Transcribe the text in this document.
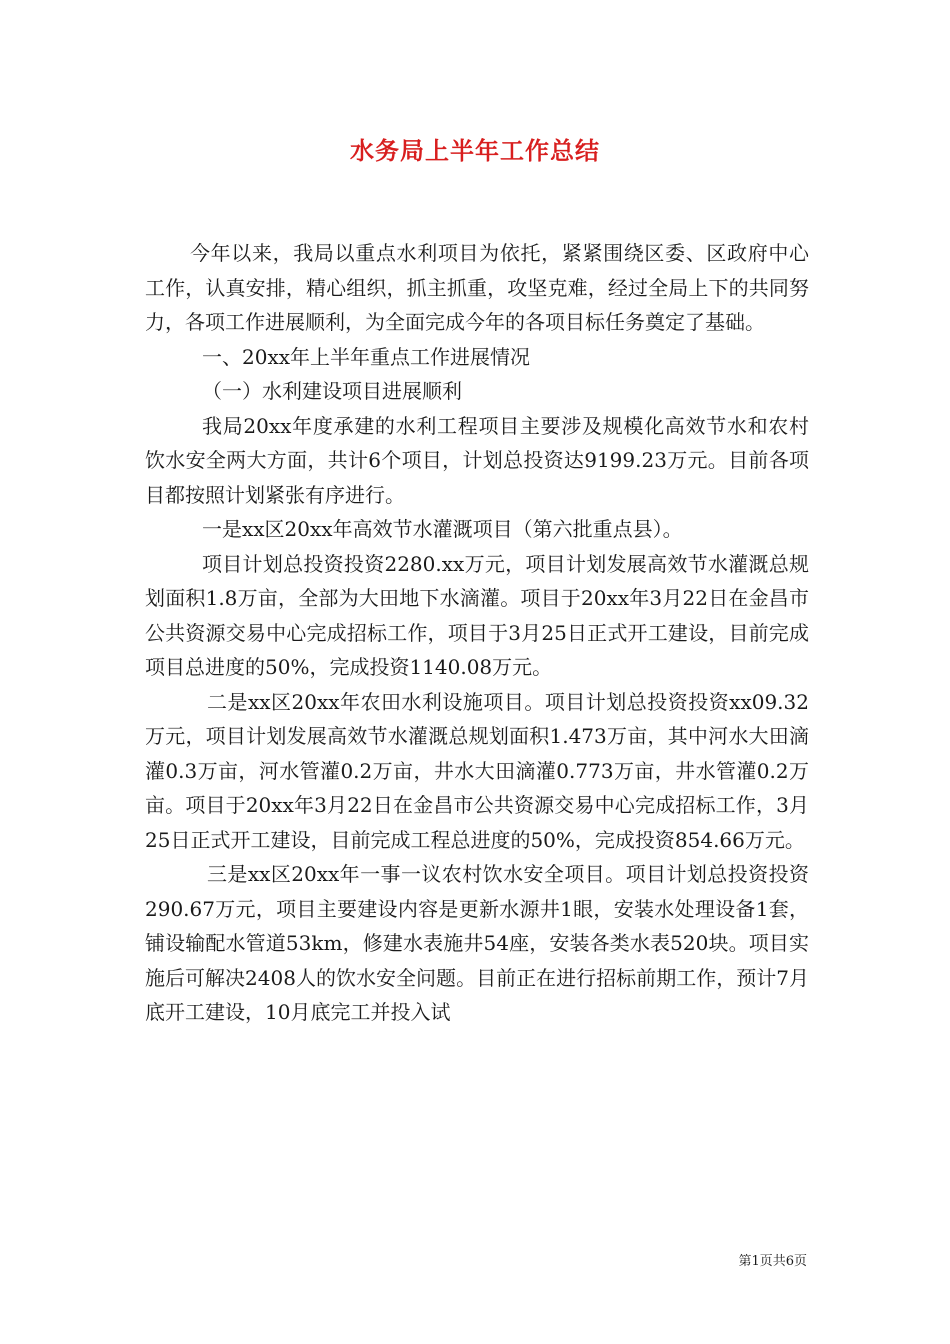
水务局上半年工作总结

今年以来，我局以重点水利项目为依托，紧紧围绕区委、区政府中心工作，认真安排，精心组织，抓主抓重，攻坚克难，经过全局上下的共同努力，各项工作进展顺利，为全面完成今年的各项目标任务奠定了基础。

一、20xx年上半年重点工作进展情况

（一）水利建设项目进展顺利

我局20xx年度承建的水利工程项目主要涉及规模化高效节水和农村饮水安全两大方面，共计6个项目，计划总投资达9199.23万元。目前各项目都按照计划紧张有序进行。

一是xx区20xx年高效节水灌溉项目（第六批重点县）。

项目计划总投资投资2280.xx万元，项目计划发展高效节水灌溉总规划面积1.8万亩，全部为大田地下水滴灌。项目于20xx年3月22日在金昌市公共资源交易中心完成招标工作，项目于3月25日正式开工建设，目前完成项目总进度的50%，完成投资1140.08万元。

二是xx区20xx年农田水利设施项目。项目计划总投资投资xx09.32万元，项目计划发展高效节水灌溉总规划面积1.473万亩，其中河水大田滴灌0.3万亩，河水管灌0.2万亩，井水大田滴灌0.773万亩，井水管灌0.2万亩。项目于20xx年3月22日在金昌市公共资源交易中心完成招标工作，3月25日正式开工建设，目前完成工程总进度的50%，完成投资854.66万元。

三是xx区20xx年一事一议农村饮水安全项目。项目计划总投资投资290.67万元，项目主要建设内容是更新水源井1眼，安装水处理设备1套，铺设输配水管道53km，修建水表施井54座，安装各类水表520块。项目实施后可解决2408人的饮水安全问题。目前正在进行招标前期工作，预计7月底开工建设，10月底完工并投入试

第1页共6页
